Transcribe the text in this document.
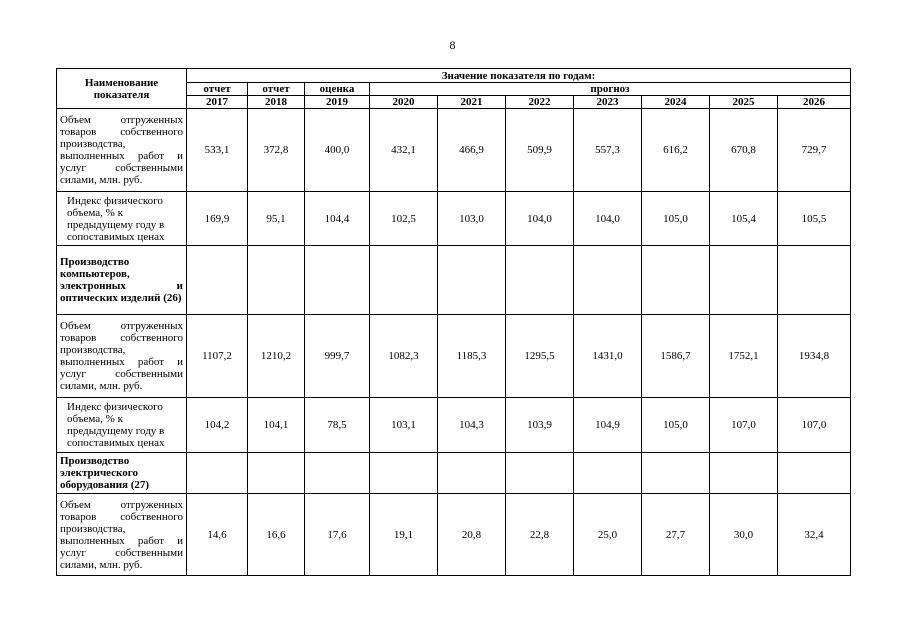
8
Наименование показателя	Значение показателя по годам:									
	отчет	отчет	оценка	прогноз						
	2017	2018	2019	2020	2021	2022	2023	2024	2025	2026
Объем отгруженных товаров собственного производства, выполненных работ и услуг собственными силами, млн. руб.	533,1	372,8	400,0	432,1	466,9	509,9	557,3	616,2	670,8	729,7
Индекс физического объема, % к предыдущему году в сопоставимых ценах	169,9	95,1	104,4	102,5	103,0	104,0	104,0	105,0	105,4	105,5
Производство компьютеров, электронных и оптических изделий (26)										
Объем отгруженных товаров собственного производства, выполненных работ и услуг собственными силами, млн. руб.	1107,2	1210,2	999,7	1082,3	1185,3	1295,5	1431,0	1586,7	1752,1	1934,8
Индекс физического объема, % к предыдущему году в сопоставимых ценах	104,2	104,1	78,5	103,1	104,3	103,9	104,9	105,0	107,0	107,0
Производство электрического оборудования (27)										
Объем отгруженных товаров собственного производства, выполненных работ и услуг собственными силами, млн. руб.	14,6	16,6	17,6	19,1	20,8	22,8	25,0	27,7	30,0	32,4
